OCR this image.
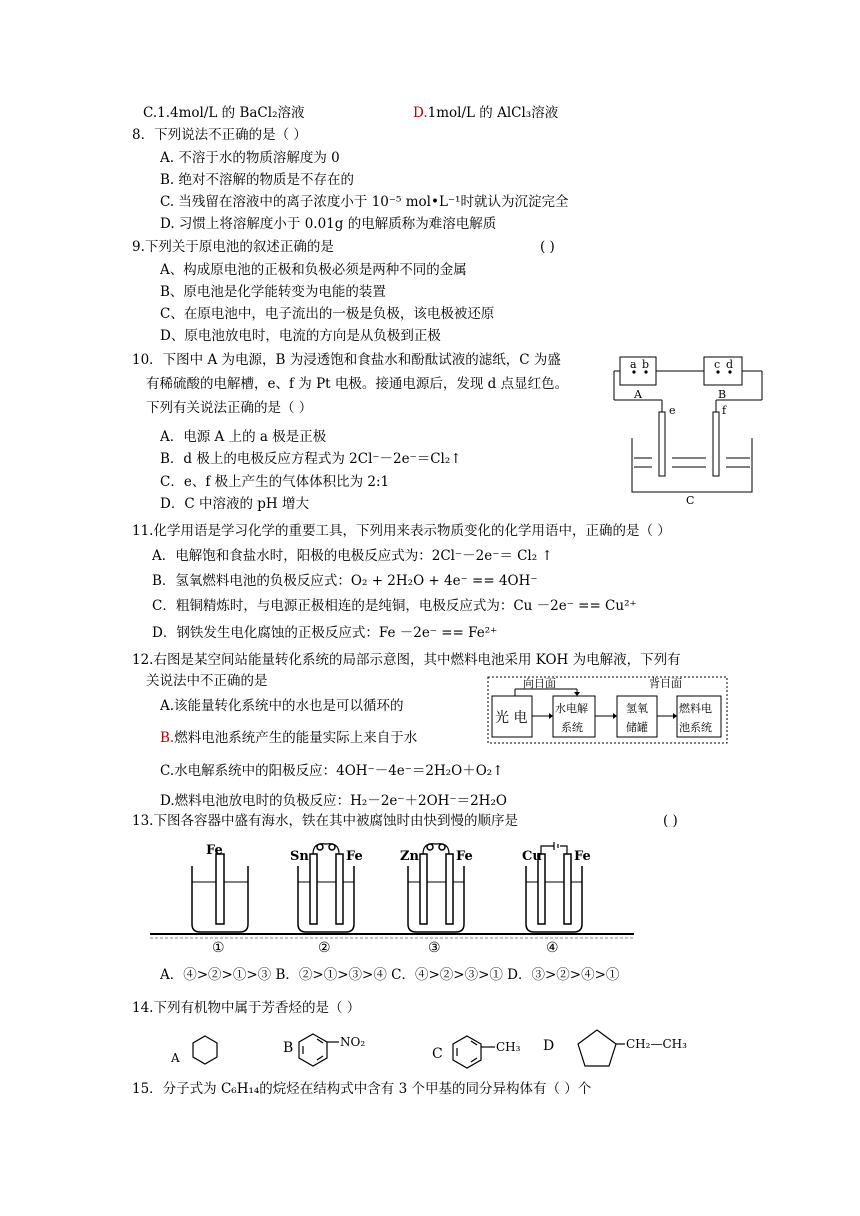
C.1.4mol/L 的 BaCl₂溶液	D.1mol/L 的 AlCl₃溶液
8．下列说法不正确的是（ ）
A. 不溶于水的物质溶解度为 0
B. 绝对不溶解的物质是不存在的
C. 当残留在溶液中的离子浓度小于 10⁻⁵ mol•L⁻¹时就认为沉淀完全
D. 习惯上将溶解度小于 0.01g 的电解质称为难溶电解质
9.下列关于原电池的叙述正确的是	( )
A、构成原电池的正极和负极必须是两种不同的金属
B、原电池是化学能转变为电能的装置
C、在原电池中，电子流出的一极是负极，该电极被还原
D、原电池放电时，电流的方向是从负极到正极
10．下图中 A 为电源，B 为浸透饱和食盐水和酚酞试液的滤纸，C 为盛
有稀硫酸的电解槽，e、f 为 Pt 电极。接通电源后，发现 d 点显红色。
下列有关说法正确的是（ ）
A．电源 A 上的 a 极是正极
B．d 极上的电极反应方程式为 2Cl⁻－2e⁻＝Cl₂↑
C．e、f 极上产生的气体体积比为 2:1
D．C 中溶液的 pH 增大
a b	c d
A	B
e	f
C
11.化学用语是学习化学的重要工具，下列用来表示物质变化的化学用语中，正确的是（ ）
A．电解饱和食盐水时，阳极的电极反应式为：2Cl⁻－2e⁻＝ Cl₂ ↑
B．氢氧燃料电池的负极反应式：O₂ + 2H₂O + 4e⁻ == 4OH⁻
C．粗铜精炼时，与电源正极相连的是纯铜，电极反应式为：Cu －2e⁻ == Cu²⁺
D．钢铁发生电化腐蚀的正极反应式：Fe －2e⁻ == Fe²⁺
12.右图是某空间站能量转化系统的局部示意图，其中燃料电池采用 KOH 为电解液，下列有
关说法中不正确的是
A.该能量转化系统中的水也是可以循环的
B.燃料电池系统产生的能量实际上来自于水
C.水电解系统中的阳极反应：4OH⁻－4e⁻＝2H₂O＋O₂↑
D.燃料电池放电时的负极反应：H₂－2e⁻＋2OH⁻＝2H₂O
向日面	背日面
光 电
水电解
系统
氢氧
储罐
燃料电
池系统
13.下图各容器中盛有海水，铁在其中被腐蚀时由快到慢的顺序是	( )
Fe
①
Sn	Fe
②
Zn	Fe
③
Cu Fe
④
A．④>②>①>③ B．②>①>③>④ C．④>②>③>① D．③>②>④>①
14.下列有机物中属于芳香烃的是（ ）
A
B	NO₂
C	CH₃ D	CH₂—CH₃
15．分子式为 C₆H₁₄的烷烃在结构式中含有 3 个甲基的同分异构体有（ ）个
